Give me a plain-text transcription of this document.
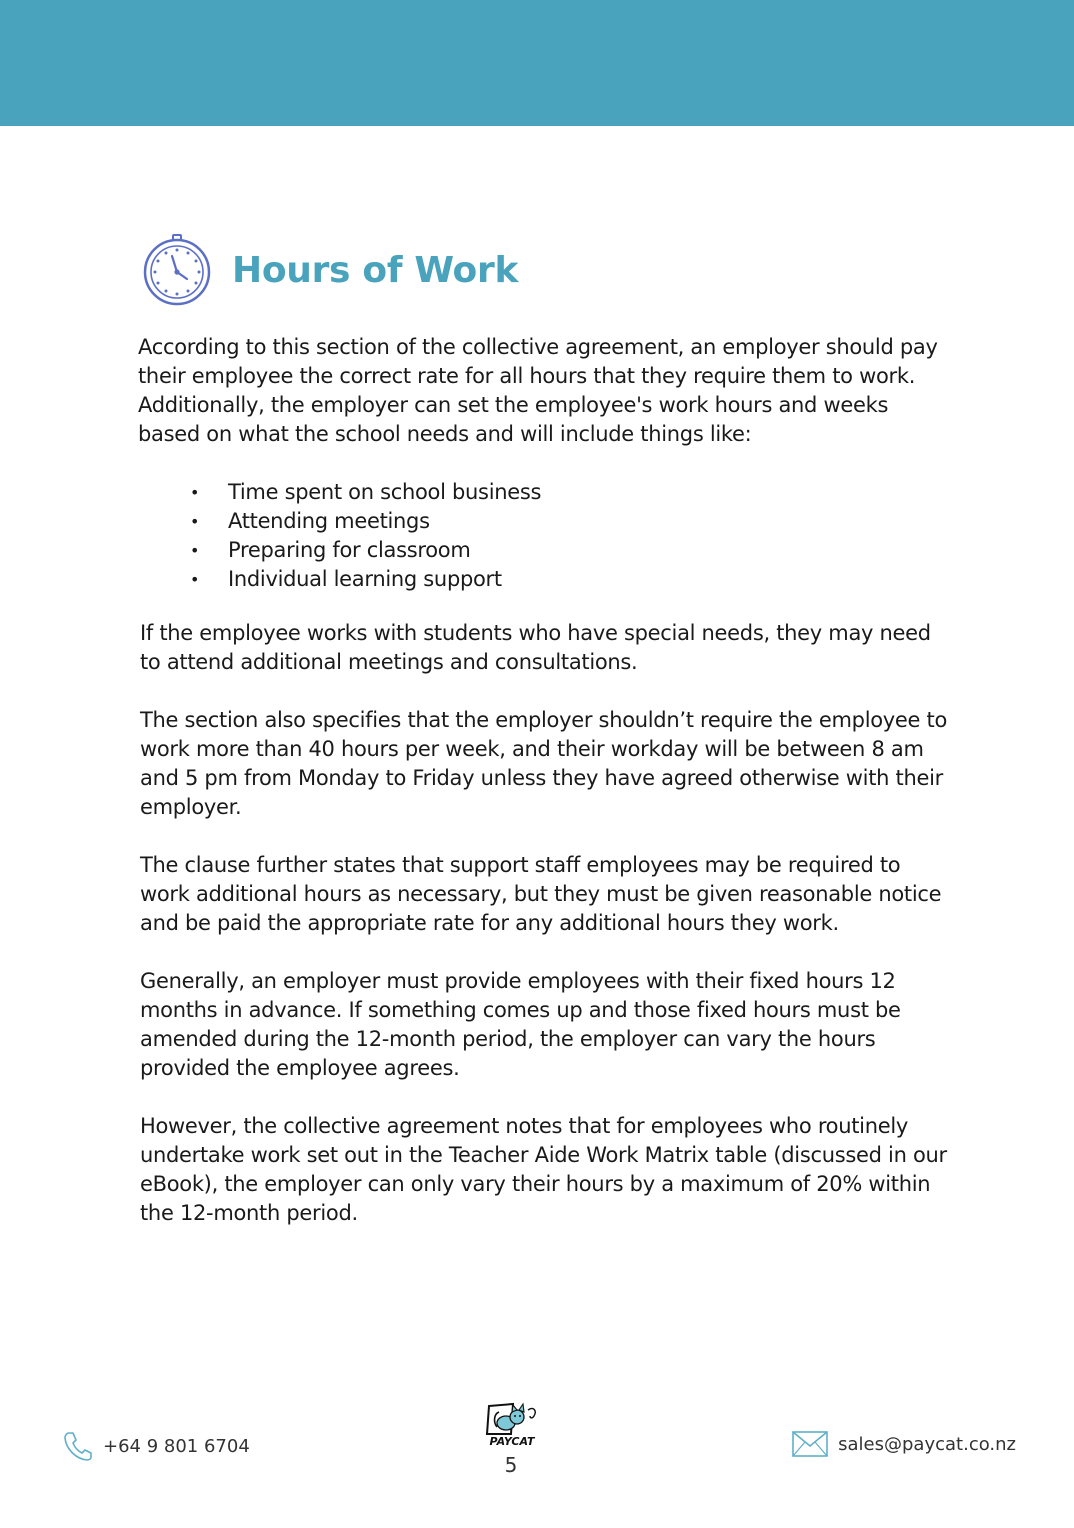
Hours of Work

According to this section of the collective agreement, an employer should pay their employee the correct rate for all hours that they require them to work. Additionally, the employer can set the employee's work hours and weeks based on what the school needs and will include things like:

• Time spent on school business
• Attending meetings
• Preparing for classroom
• Individual learning support

If the employee works with students who have special needs, they may need to attend additional meetings and consultations.

The section also specifies that the employer shouldn’t require the employee to work more than 40 hours per week, and their workday will be between 8 am and 5 pm from Monday to Friday unless they have agreed otherwise with their employer.

The clause further states that support staff employees may be required to work additional hours as necessary, but they must be given reasonable notice and be paid the appropriate rate for any additional hours they work.

Generally, an employer must provide employees with their fixed hours 12 months in advance. If something comes up and those fixed hours must be amended during the 12-month period, the employer can vary the hours provided the employee agrees.

However, the collective agreement notes that for employees who routinely undertake work set out in the Teacher Aide Work Matrix table (discussed in our eBook), the employer can only vary their hours by a maximum of 20% within the 12-month period.

+64 9 801 6704	PAYCAT
5
sales@paycat.co.nz
